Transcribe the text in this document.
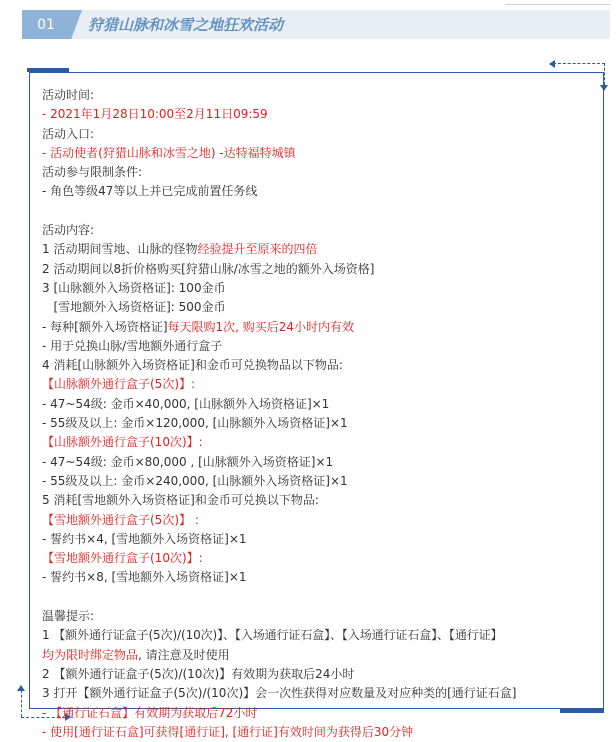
01	狩猎山脉和冰雪之地狂欢活动
活动时间:
- 2021年1月28日10:00至2月11日09:59
活动入口:
- 活动使者(狩猎山脉和冰雪之地) -达特福特城镇
活动参与限制条件:
- 角色等级47等以上并已完成前置任务线
活动内容:
1 活动期间雪地、山脉的怪物经验提升至原来的四倍
2 活动期间以8折价格购买[狩猎山脉/冰雪之地的额外入场资格]
3 [山脉额外入场资格证]: 100金币
[雪地额外入场资格证]: 500金币
- 每种[额外入场资格证]每天限购1次, 购买后24小时内有效
- 用于兑换山脉/雪地额外通行盒子
4 消耗[山脉额外入场资格证]和金币可兑换物品以下物品:
【山脉额外通行盒子(5次)】:
- 47~54级: 金币×40,000, [山脉额外入场资格证]×1
- 55级及以上: 金币×120,000, [山脉额外入场资格证]×1
【山脉额外通行盒子(10次)】:
- 47~54级: 金币×80,000 , [山脉额外入场资格证]×1
- 55级及以上: 金币×240,000, [山脉额外入场资格证]×1
5 消耗[雪地额外入场资格证]和金币可兑换以下物品:
【雪地额外通行盒子(5次)】 :
- 誓约书×4, [雪地额外入场资格证]×1
【雪地额外通行盒子(10次)】:
- 誓约书×8, [雪地额外入场资格证]×1
温馨提示:
1 【额外通行证盒子(5次)/(10次)】、【入场通行证石盒】、【入场通行证石盒】、【通行证】
均为限时绑定物品, 请注意及时使用
2 【额外通行证盒子(5次)/(10次)】有效期为获取后24小时
3 打开【额外通行证盒子(5次)/(10次)】会一次性获得对应数量及对应种类的[通行证石盒]
- 【通行证石盒】有效期为获取后72小时
- 使用[通行证石盒]可获得[通行证], [通行证]有效时间为获得后30分钟
